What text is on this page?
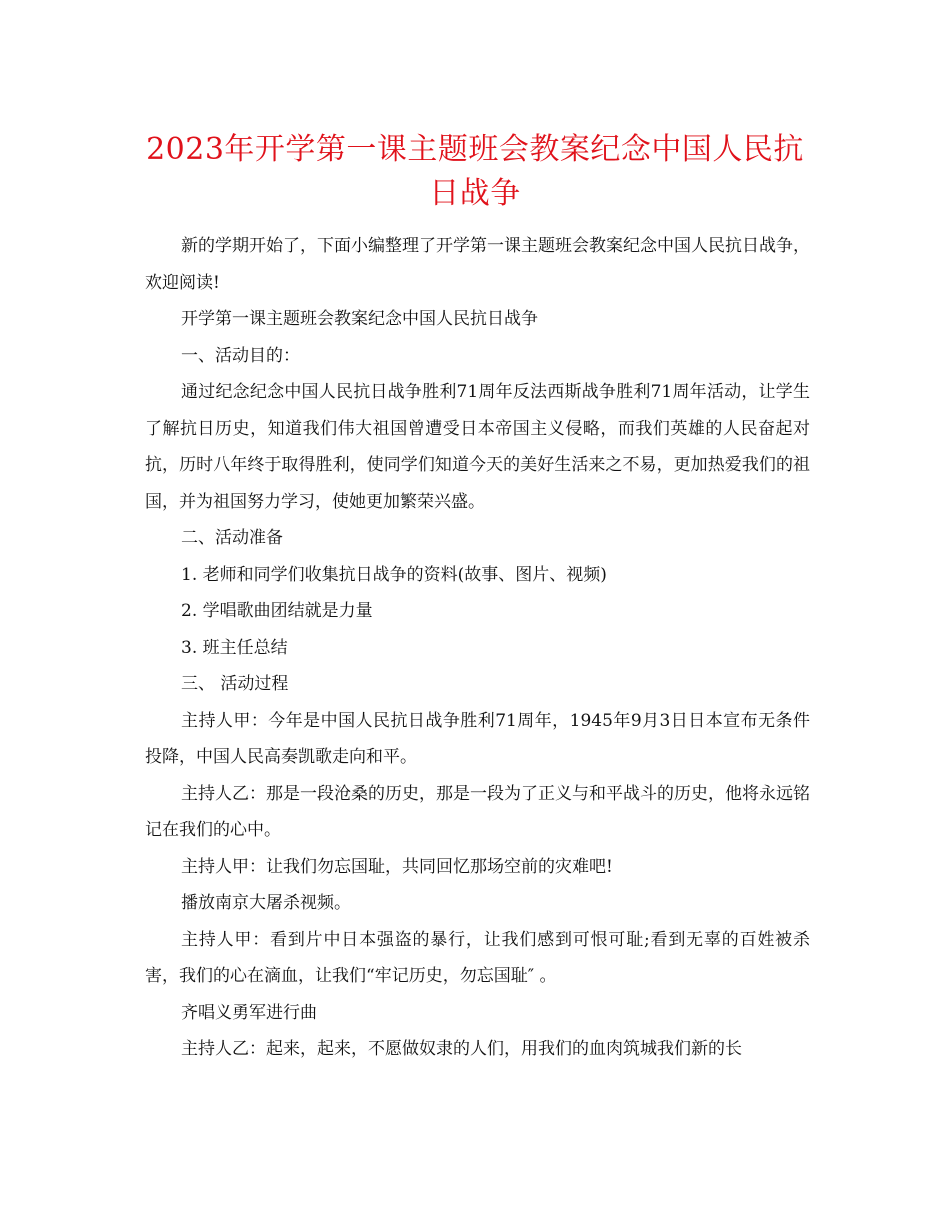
2023年开学第一课主题班会教案纪念中国人民抗日战争

新的学期开始了，下面小编整理了开学第一课主题班会教案纪念中国人民抗日战争，欢迎阅读!

开学第一课主题班会教案纪念中国人民抗日战争

一、活动目的：

通过纪念纪念中国人民抗日战争胜利71周年反法西斯战争胜利71周年活动，让学生了解抗日历史，知道我们伟大祖国曾遭受日本帝国主义侵略，而我们英雄的人民奋起对抗，历时八年终于取得胜利，使同学们知道今天的美好生活来之不易，更加热爱我们的祖国，并为祖国努力学习，使她更加繁荣兴盛。

二、活动准备

1. 老师和同学们收集抗日战争的资料(故事、图片、视频)

2. 学唱歌曲团结就是力量

3. 班主任总结

三、 活动过程

主持人甲：今年是中国人民抗日战争胜利71周年，1945年9月3日日本宣布无条件投降，中国人民高奏凯歌走向和平。

主持人乙：那是一段沧桑的历史，那是一段为了正义与和平战斗的历史，他将永远铭记在我们的心中。

主持人甲：让我们勿忘国耻，共同回忆那场空前的灾难吧!

播放南京大屠杀视频。

主持人甲：看到片中日本强盗的暴行，让我们感到可恨可耻;看到无辜的百姓被杀害，我们的心在滴血，让我们“牢记历史，勿忘国耻″ 。

齐唱义勇军进行曲

主持人乙：起来，起来，不愿做奴隶的人们，用我们的血肉筑城我们新的长
